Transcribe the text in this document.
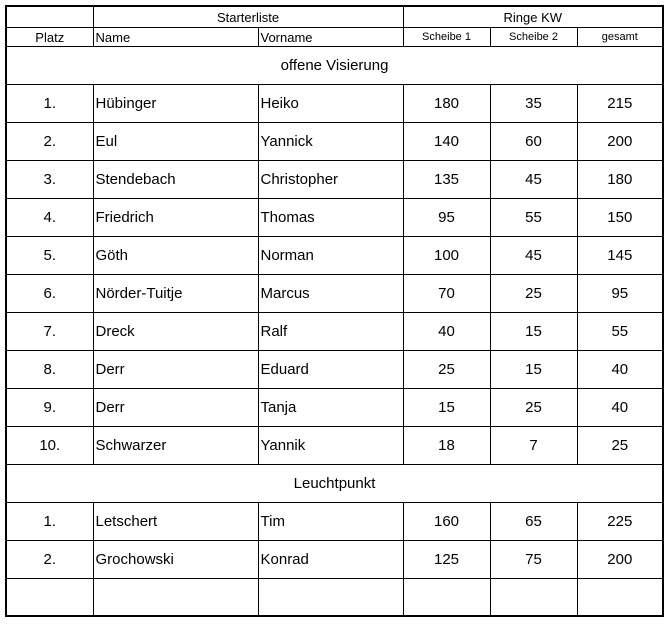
	Starterliste		Ringe KW		
Platz	Name	Vorname	Scheibe 1	Scheibe 2	gesamt
offene Visierung					
1.	Hübinger	Heiko	180	35	215
2.	Eul	Yannick	140	60	200
3.	Stendebach	Christopher	135	45	180
4.	Friedrich	Thomas	95	55	150
5.	Göth	Norman	100	45	145
6.	Nörder-Tuitje	Marcus	70	25	95
7.	Dreck	Ralf	40	15	55
8.	Derr	Eduard	25	15	40
9.	Derr	Tanja	15	25	40
10.	Schwarzer	Yannik	18	7	25
Leuchtpunkt					
1.	Letschert	Tim	160	65	225
2.	Grochowski	Konrad	125	75	200
